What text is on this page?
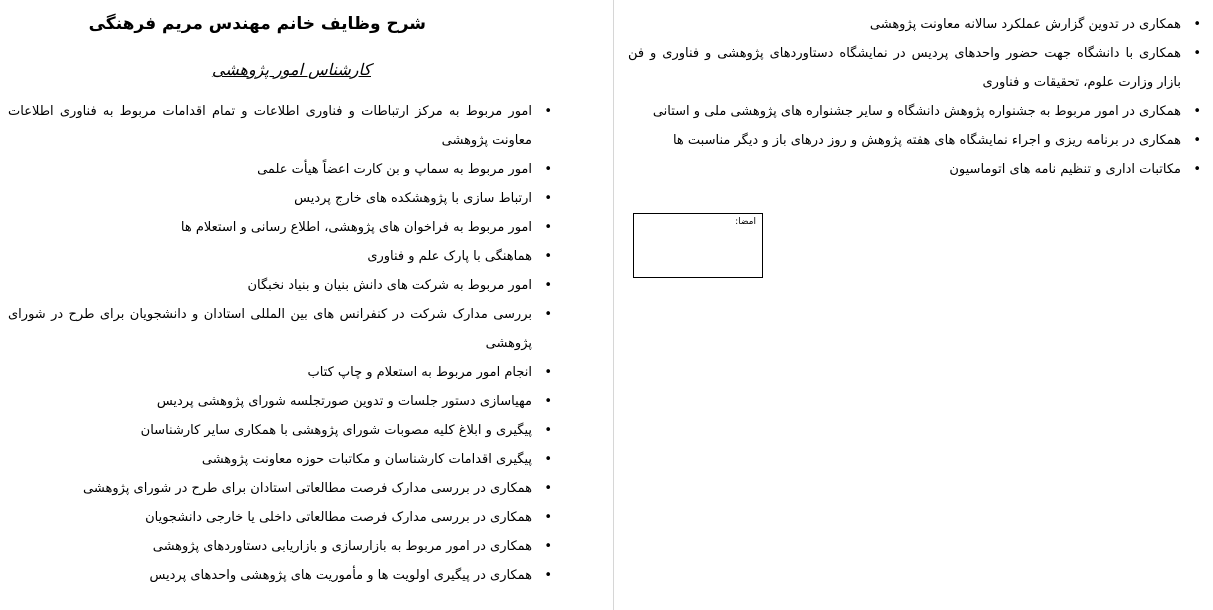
شرح وظایف خانم مهندس مریم فرهنگی
کارشناس امور پژوهشی
•
امور مربوط به مرکز ارتباطات و فناوری اطلاعات و تمام اقدامات مربوط به فناوری اطلاعات معاونت پژوهشی
•
امور مربوط به سماپ و بن کارت اعضاً هیأت علمی
•
ارتباط سازی با پژوهشکده های خارج پردیس
•
امور مربوط به فراخوان های پژوهشی، اطلاع رسانی و استعلام ها
•
هماهنگی با پارک علم و فناوری
•
امور مربوط به شرکت های دانش بنیان و بنیاد نخبگان
•
بررسی مدارک شرکت در کنفرانس های بین المللی استادان و دانشجویان برای طرح در شورای پژوهشی
•
انجام امور مربوط به استعلام و چاپ کتاب
•
مهیاسازی دستور جلسات و تدوین صورتجلسه شورای پژوهشی پردیس
•
پیگیری و ابلاغ کلیه مصوبات شورای پژوهشی با همکاری سایر کارشناسان
•
پیگیری اقدامات کارشناسان و مکاتبات حوزه معاونت پژوهشی
•
همکاری در بررسی مدارک فرصت مطالعاتی استادان برای طرح در شورای پژوهشی
•
همکاری در بررسی مدارک فرصت مطالعاتی داخلی یا خارجی دانشجویان
•
همکاری در امور مربوط به بازارسازی و بازاریابی دستاوردهای پژوهشی
•
همکاری در پیگیری اولویت ها و مأموریت های پژوهشی واحدهای پردیس
•
همکاری در تدوین گزارش عملکرد سالانه معاونت پژوهشی
•
همکاری با دانشگاه جهت حضور واحدهای پردیس در نمایشگاه دستاوردهای پژوهشی و فناوری و فن بازار وزارت علوم، تحقیقات و فناوری
•
همکاری در امور مربوط به جشنواره پژوهش دانشگاه و سایر جشنواره های پژوهشی ملی و استانی
•
همکاری در برنامه ریزی و اجراء نمایشگاه های هفته پژوهش و روز درهای باز و دیگر مناسبت ها
•
مکاتبات اداری و تنظیم نامه های اتوماسیون
امضا:
